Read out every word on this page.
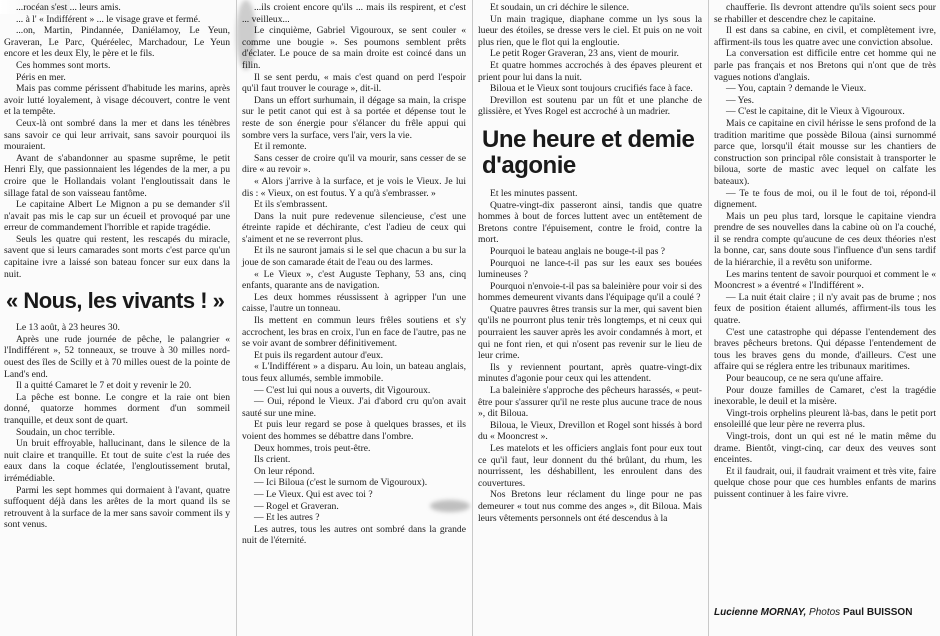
...rocéan s'est ... leurs amis.

... à l' « Indifférent » ... le visage grave et fermé.

...on, Martin, Pindannée, Daniélamoy, Le Yeun, Graveran, Le Parc, Quéréelec, Marchadour, Le Yeun encore et les deux Ely, le père et le fils.

Ces hommes sont morts.

Péris en mer.

Mais pas comme périssent d'habitude les marins, après avoir lutté loyalement, à visage découvert, contre le vent et la tempête.

Ceux-là ont sombré dans la mer et dans les ténèbres sans savoir ce qui leur arrivait, sans savoir pourquoi ils mouraient.

Avant de s'abandonner au spasme suprême, le petit Henri Ely, que passionnaient les légendes de la mer, a pu croire que le Hollandais volant l'engloutissait dans le sillage fatal de son vaisseau fantôme.

Le capitaine Albert Le Mignon a pu se demander s'il n'avait pas mis le cap sur un écueil et provoqué par une erreur de commandement l'horrible et rapide tragédie.

Seuls les quatre qui restent, les rescapés du miracle, savent que si leurs camarades sont morts c'est parce qu'un capitaine ivre a laissé son bateau foncer sur eux dans la nuit.

« Nous, les vivants ! »

Le 13 août, à 23 heures 30.

Après une rude journée de pêche, le palangrier « l'Indifférent », 52 tonneaux, se trouve à 30 milles nord-ouest des îles de Scilly et à 70 milles ouest de la pointe de Land's end.

Il a quitté Camaret le 7 et doit y revenir le 20.

La pêche est bonne. Le congre et la raie ont bien donné, quatorze hommes dorment d'un sommeil tranquille, et deux sont de quart.

Soudain, un choc terrible.

Un bruit effroyable, hallucinant, dans le silence de la nuit claire et tranquille. Et tout de suite c'est la ruée des eaux dans la coque éclatée, l'engloutissement brutal, irrémédiable.

Parmi les sept hommes qui dormaient à l'avant, quatre suffoquent déjà dans les arêtes de la mort quand ils se retrouvent à la surface de la mer sans savoir comment ils y sont venus.

...ils croient encore qu'ils ... mais ils respirent, et c'est ... veilleux...

Le cinquième, Gabriel Vigouroux, se sent couler « comme une bougie ». Ses poumons semblent prêts d'éclater. Le pouce de sa main droite est coincé dans un filin.

Il se sent perdu, « mais c'est quand on perd l'espoir qu'il faut trouver le courage », dit-il.

Dans un effort surhumain, il dégage sa main, la crispe sur le petit canot qui est à sa portée et dépense tout le reste de son énergie pour s'élancer du frêle appui qui sombre vers la surface, vers l'air, vers la vie.

Et il remonte.

Sans cesser de croire qu'il va mourir, sans cesser de se dire « au revoir ».

« Alors j'arrive à la surface, et je vois le Vieux. Je lui dis : « Vieux, on est foutus. Y a qu'à s'embrasser. »

Et ils s'embrassent.

Dans la nuit pure redevenue silencieuse, c'est une étreinte rapide et déchirante, c'est l'adieu de ceux qui s'aiment et ne se reverront plus.

Et ils ne sauront jamais si le sel que chacun a bu sur la joue de son camarade était de l'eau ou des larmes.

« Le Vieux », c'est Auguste Tephany, 53 ans, cinq enfants, quarante ans de navigation.

Les deux hommes réussissent à agripper l'un une caisse, l'autre un tonneau.

Ils mettent en commun leurs frêles soutiens et s'y accrochent, les bras en croix, l'un en face de l'autre, pas ne se voir avant de sombrer définitivement.

Et puis ils regardent autour d'eux.

« L'Indifférent » a disparu. Au loin, un bateau anglais, tous feux allumés, semble immobile.

— C'est lui qui nous a ouverts, dit Vigouroux.

— Oui, répond le Vieux. J'ai d'abord cru qu'on avait sauté sur une mine.

Et puis leur regard se pose à quelques brasses, et ils voient des hommes se débattre dans l'ombre.

Deux hommes, trois peut-être.

Ils crient.

On leur répond.

— Ici Biloua (c'est le surnom de Vigouroux).

— Le Vieux. Qui est avec toi ?

— Rogel et Graveran.

— Et les autres ?

Les autres, tous les autres ont sombré dans la grande nuit de l'éternité.

Et soudain, un cri déchire le silence.

Un main tragique, diaphane comme un lys sous la lueur des étoiles, se dresse vers le ciel. Et puis on ne voit plus rien, que le flot qui la engloutie.

Le petit Roger Graveran, 23 ans, vient de mourir.

Et quatre hommes accrochés à des épaves pleurent et prient pour lui dans la nuit.

Biloua et le Vieux sont toujours crucifiés face à face.

Drevillon est soutenu par un fût et une planche de glissière, et Yves Rogel est accroché à un madrier.

Une heure et demie d'agonie

Et les minutes passent.

Quatre-vingt-dix passeront ainsi, tandis que quatre hommes à bout de forces luttent avec un entêtement de Bretons contre l'épuisement, contre le froid, contre la mort.

Pourquoi le bateau anglais ne bouge-t-il pas ?

Pourquoi ne lance-t-il pas sur les eaux ses bouées lumineuses ?

Pourquoi n'envoie-t-il pas sa baleinière pour voir si des hommes demeurent vivants dans l'équipage qu'il a coulé ?

Quatre pauvres êtres transis sur la mer, qui savent bien qu'ils ne pourront plus tenir très longtemps, et ni ceux qui pourraient les sauver après les avoir condamnés à mort, et qui ne font rien, et qui n'osent pas revenir sur le lieu de leur crime.

Ils y reviennent pourtant, après quatre-vingt-dix minutes d'agonie pour ceux qui les attendent.

La baleinière s'approche des pêcheurs harassés, « peut-être pour s'assurer qu'il ne reste plus aucune trace de nous », dit Biloua.

Biloua, le Vieux, Drevillon et Rogel sont hissés à bord du « Mooncrest ».

Les matelots et les officiers anglais font pour eux tout ce qu'il faut, leur donnent du thé brûlant, du rhum, les nourrissent, les déshabillent, les enroulent dans des couvertures.

Nos Bretons leur réclament du linge pour ne pas demeurer « tout nus comme des anges », dit Biloua. Mais leurs vêtements personnels ont été descendus à la

chaufferie. Ils devront attendre qu'ils soient secs pour se rhabiller et descendre chez le capitaine.

Il est dans sa cabine, en civil, et complètement ivre, affirment-ils tous les quatre avec une conviction absolue.

La conversation est difficile entre cet homme qui ne parle pas français et nos Bretons qui n'ont que de très vagues notions d'anglais.

— You, captain ? demande le Vieux.

— Yes.

— C'est le capitaine, dit le Vieux à Vigouroux.

Mais ce capitaine en civil hérisse le sens profond de la tradition maritime que possède Biloua (ainsi surnommé parce que, lorsqu'il était mousse sur les chantiers de construction son principal rôle consistait à transporter le biloua, sorte de mastic avec lequel on calfate les bateaux).

— Te te fous de moi, ou il le fout de toi, répond-il dignement.

Mais un peu plus tard, lorsque le capitaine viendra prendre de ses nouvelles dans la cabine où on l'a couché, il se rendra compte qu'aucune de ces deux théories n'est la bonne, car, sans doute sous l'influence d'un sens tardif de la hiérarchie, il a revêtu son uniforme.

Les marins tentent de savoir pourquoi et comment le « Mooncrest » a éventré « l'Indifférent ».

— La nuit était claire ; il n'y avait pas de brume ; nos feux de position étaient allumés, affirment-ils tous les quatre.

C'est une catastrophe qui dépasse l'entendement des braves pêcheurs bretons. Qui dépasse l'entendement de tous les braves gens du monde, d'ailleurs. C'est une affaire qui se réglera entre les tribunaux maritimes.

Pour beaucoup, ce ne sera qu'une affaire.

Pour douze familles de Camaret, c'est la tragédie inexorable, le deuil et la misère.

Vingt-trois orphelins pleurent là-bas, dans le petit port ensoleillé que leur père ne reverra plus.

Vingt-trois, dont un qui est né le matin même du drame. Bientôt, vingt-cinq, car deux des veuves sont enceintes.

Et il faudrait, oui, il faudrait vraiment et très vite, faire quelque chose pour que ces humbles enfants de marins puissent continuer à les faire vivre.

Lucienne MORNAY, Photos Paul BUISSON
